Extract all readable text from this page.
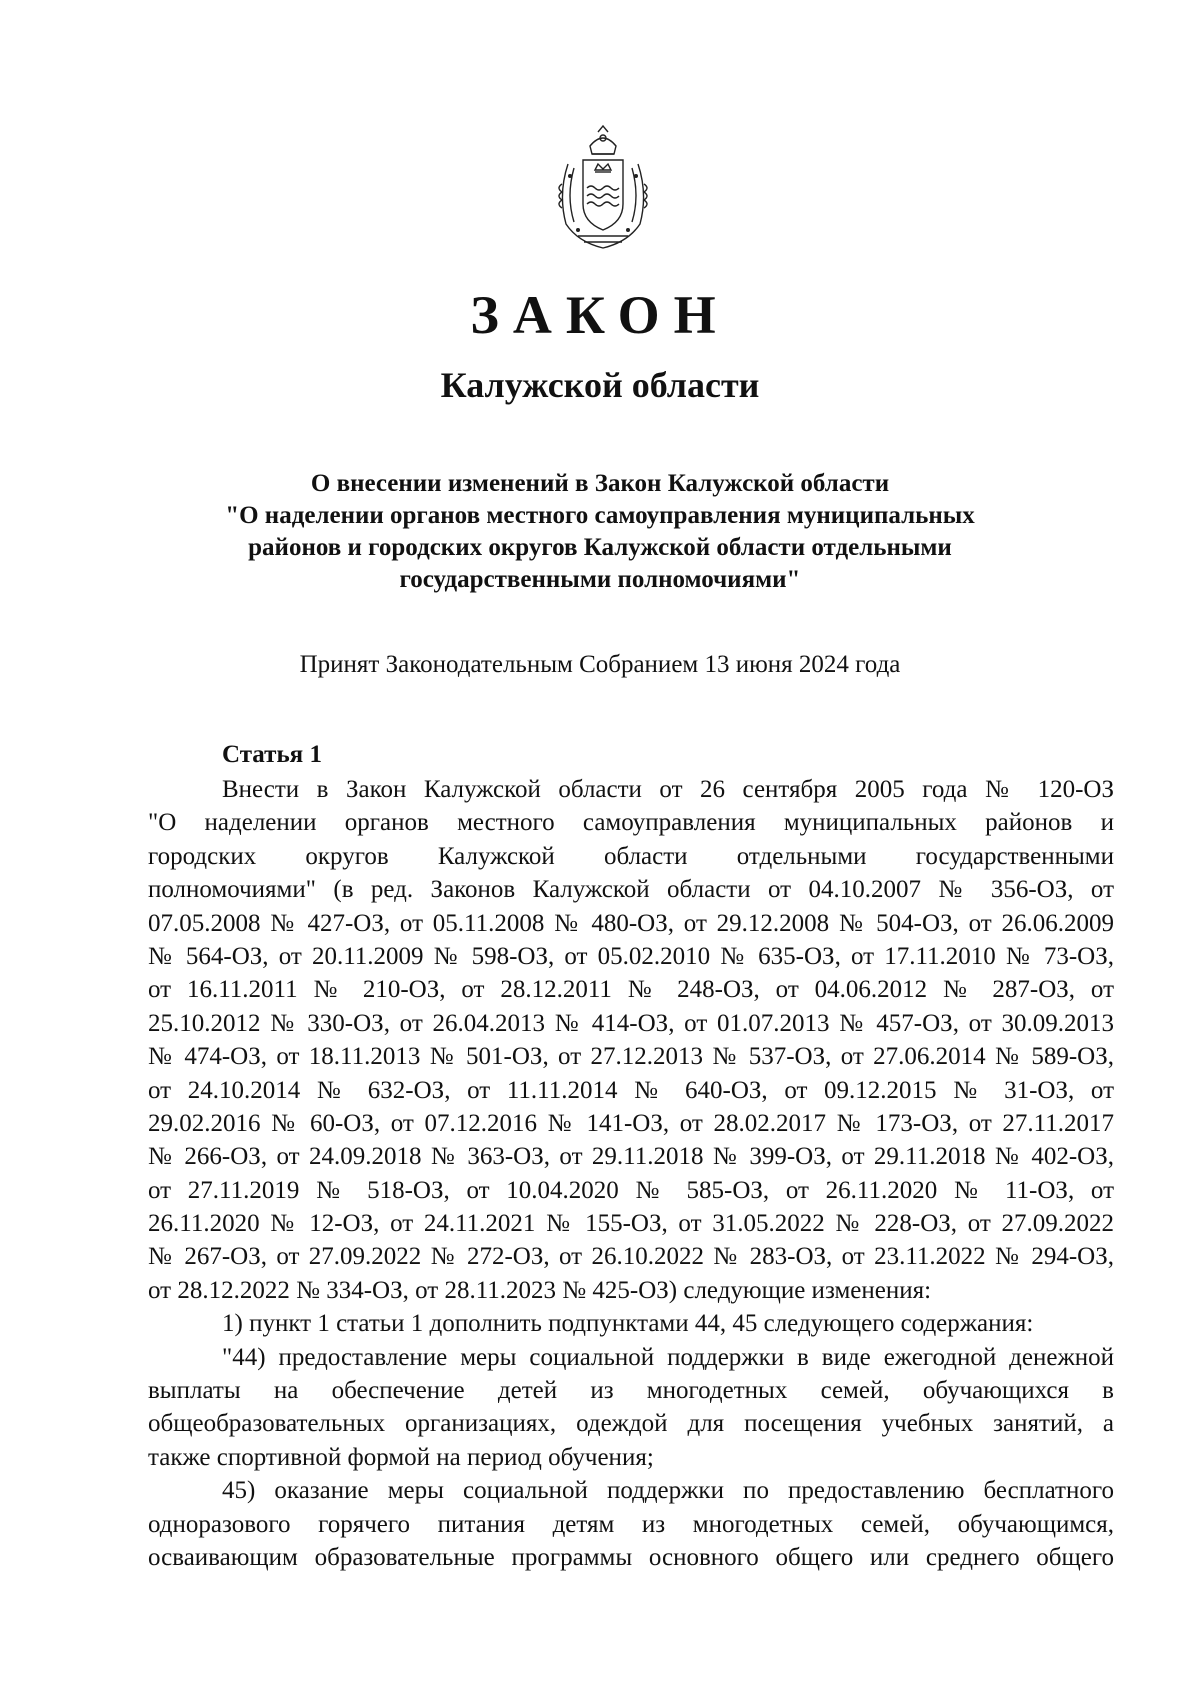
ЗАКОН
Калужской области
О внесении изменений в Закон Калужской области
"О наделении органов местного самоуправления муниципальных
районов и городских округов Калужской области отдельными
государственными полномочиями"
Принят Законодательным Собранием 13 июня 2024 года
Статья 1
Внести в Закон Калужской области от 26 сентября 2005 года № 120-ОЗ
"О наделении органов местного самоуправления муниципальных районов и
городских округов Калужской области отдельными государственными
полномочиями" (в ред. Законов Калужской области от 04.10.2007 № 356-ОЗ, от
07.05.2008 № 427-ОЗ, от 05.11.2008 № 480-ОЗ, от 29.12.2008 № 504-ОЗ, от 26.06.2009
№ 564-ОЗ, от 20.11.2009 № 598-ОЗ, от 05.02.2010 № 635-ОЗ, от 17.11.2010 № 73-ОЗ,
от 16.11.2011 № 210-ОЗ, от 28.12.2011 № 248-ОЗ, от 04.06.2012 № 287-ОЗ, от
25.10.2012 № 330-ОЗ, от 26.04.2013 № 414-ОЗ, от 01.07.2013 № 457-ОЗ, от 30.09.2013
№ 474-ОЗ, от 18.11.2013 № 501-ОЗ, от 27.12.2013 № 537-ОЗ, от 27.06.2014 № 589-ОЗ,
от 24.10.2014 № 632-ОЗ, от 11.11.2014 № 640-ОЗ, от 09.12.2015 № 31-ОЗ, от
29.02.2016 № 60-ОЗ, от 07.12.2016 № 141-ОЗ, от 28.02.2017 № 173-ОЗ, от 27.11.2017
№ 266-ОЗ, от 24.09.2018 № 363-ОЗ, от 29.11.2018 № 399-ОЗ, от 29.11.2018 № 402-ОЗ,
от 27.11.2019 № 518-ОЗ, от 10.04.2020 № 585-ОЗ, от 26.11.2020 № 11-ОЗ, от
26.11.2020 № 12-ОЗ, от 24.11.2021 № 155-ОЗ, от 31.05.2022 № 228-ОЗ, от 27.09.2022
№ 267-ОЗ, от 27.09.2022 № 272-ОЗ, от 26.10.2022 № 283-ОЗ, от 23.11.2022 № 294-ОЗ,
от 28.12.2022 № 334-ОЗ, от 28.11.2023 № 425-ОЗ) следующие изменения:
1) пункт 1 статьи 1 дополнить подпунктами 44, 45 следующего содержания:
"44) предоставление меры социальной поддержки в виде ежегодной денежной
выплаты на обеспечение детей из многодетных семей, обучающихся в
общеобразовательных организациях, одеждой для посещения учебных занятий, а
также спортивной формой на период обучения;
45) оказание меры социальной поддержки по предоставлению бесплатного
одноразового горячего питания детям из многодетных семей, обучающимся,
осваивающим образовательные программы основного общего или среднего общего
